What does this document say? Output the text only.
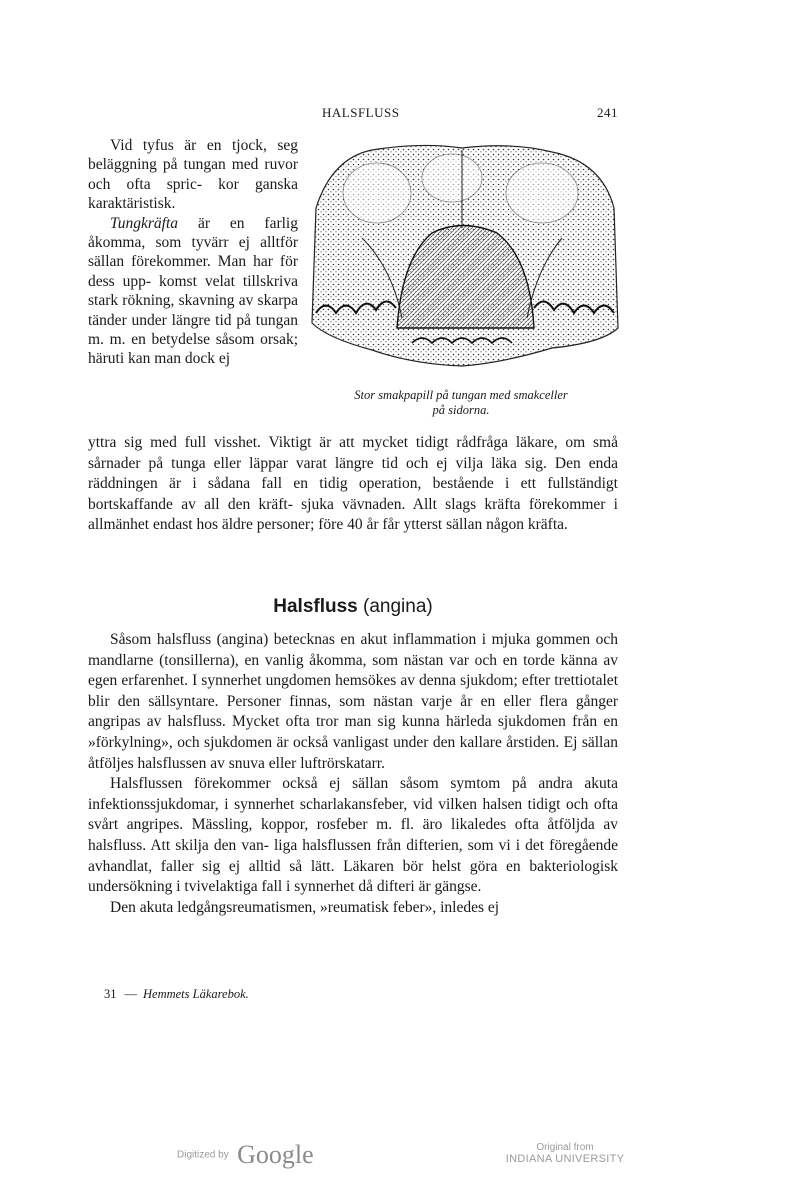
HALSFLUSS	241

Vid tyfus är en tjock, seg beläggning på tungan med ruvor och ofta spric- kor ganska karaktäristisk.

Tungkräfta är en farlig åkomma, som tyvärr ej alltför sällan förekommer. Man har för dess upp- komst velat tillskriva stark rökning, skavning av skarpa tänder under längre tid på tungan m. m. en betydelse såsom orsak; häruti kan man dock ej

Stor smakpapill på tungan med smakceller
på sidorna.

yttra sig med full visshet. Viktigt är att mycket tidigt rådfråga läkare, om små sårnader på tunga eller läppar varat längre tid och ej vilja läka sig. Den enda räddningen är i sådana fall en tidig operation, bestående i ett fullständigt bortskaffande av all den kräft- sjuka vävnaden. Allt slags kräfta förekommer i allmänhet endast hos äldre personer; före 40 år får ytterst sällan någon kräfta.

Halsfluss (angina)

Såsom halsfluss (angina) betecknas en akut inflammation i mjuka gommen och mandlarne (tonsillerna), en vanlig åkomma, som nästan var och en torde känna av egen erfarenhet. I synnerhet ungdomen hemsökes av denna sjukdom; efter trettiotalet blir den sällsyntare. Personer finnas, som nästan varje år en eller flera gånger angripas av halsfluss. Mycket ofta tror man sig kunna härleda sjukdomen från en »förkylning», och sjukdomen är också vanligast under den kallare årstiden. Ej sällan åtföljes halsflussen av snuva eller luftrörskatarr.

Halsflussen förekommer också ej sällan såsom symtom på andra akuta infektionssjukdomar, i synnerhet scharlakansfeber, vid vilken halsen tidigt och ofta svårt angripes. Mässling, koppor, rosfeber m. fl. äro likaledes ofta åtföljda av halsfluss. Att skilja den van- liga halsflussen från difterien, som vi i det föregående avhandlat, faller sig ej alltid så lätt. Läkaren bör helst göra en bakteriologisk undersökning i tvivelaktiga fall i synnerhet då difteri är gängse.

Den akuta ledgångsreumatismen, »reumatisk feber», inledes ej

31 — Hemmets Läkarebok.
Digitized by Google	Original from
INDIANA UNIVERSITY
